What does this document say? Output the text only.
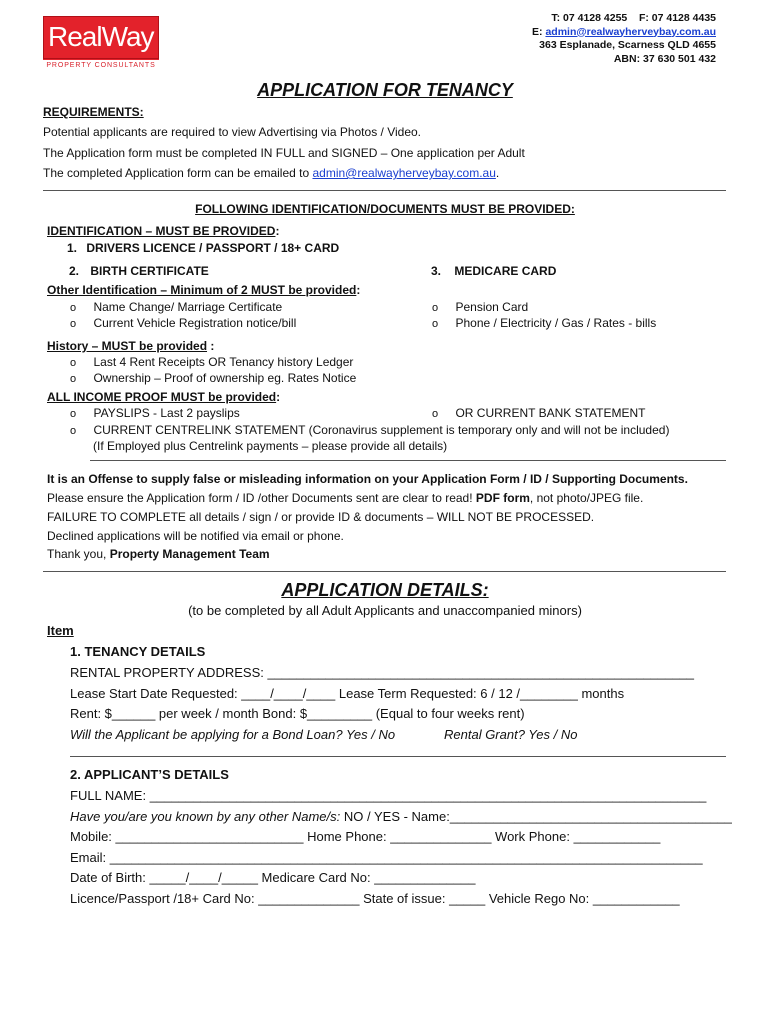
RealWay
PROPERTY CONSULTANTS
T: 07 4128 4255 F: 07 4128 4435
E: admin@realwayherveybay.com.au
363 Esplanade, Scarness QLD 4655
ABN: 37 630 501 432
APPLICATION FOR TENANCY
REQUIREMENTS:
Potential applicants are required to view Advertising via Photos / Video.
The Application form must be completed IN FULL and SIGNED – One application per Adult
The completed Application form can be emailed to admin@realwayherveybay.com.au.
FOLLOWING IDENTIFICATION/DOCUMENTS MUST BE PROVIDED:
IDENTIFICATION – MUST BE PROVIDED:
1. DRIVERS LICENCE / PASSPORT / 18+ CARD
2. BIRTH CERTIFICATE	3. MEDICARE CARD
Other Identification – Minimum of 2 MUST be provided:
o Name Change/ Marriage Certificate
o Current Vehicle Registration notice/bill
o Pension Card
o Phone / Electricity / Gas / Rates - bills
History – MUST be provided :
o Last 4 Rent Receipts OR Tenancy history Ledger
o Ownership – Proof of ownership eg. Rates Notice
ALL INCOME PROOF MUST be provided:
o PAYSLIPS - Last 2 payslips	o OR CURRENT BANK STATEMENT
o CURRENT CENTRELINK STATEMENT (Coronavirus supplement is temporary only and will not be included)
(If Employed plus Centrelink payments – please provide all details)
It is an Offense to supply false or misleading information on your Application Form / ID / Supporting Documents.
Please ensure the Application form / ID /other Documents sent are clear to read! PDF form, not photo/JPEG file.
FAILURE TO COMPLETE all details / sign / or provide ID & documents – WILL NOT BE PROCESSED.
Declined applications will be notified via email or phone.
Thank you, Property Management Team
APPLICATION DETAILS:
(to be completed by all Adult Applicants and unaccompanied minors)
Item
1. TENANCY DETAILS
RENTAL PROPERTY ADDRESS: ___________________________________________________________
Lease Start Date Requested: ____/____/____ Lease Term Requested: 6 / 12 /________ months
Rent: $______ per week / month Bond: $_________ (Equal to four weeks rent)
Will the Applicant be applying for a Bond Loan? Yes / No	Rental Grant? Yes / No
2. APPLICANT’S DETAILS
FULL NAME: _____________________________________________________________________________
Have you/are you known by any other Name/s: NO / YES - Name:_______________________________________
Mobile: __________________________ Home Phone: ______________ Work Phone: ____________
Email: __________________________________________________________________________________
Date of Birth: _____/____/_____ Medicare Card No: ______________
Licence/Passport /18+ Card No: ______________ State of issue: _____ Vehicle Rego No: ____________
